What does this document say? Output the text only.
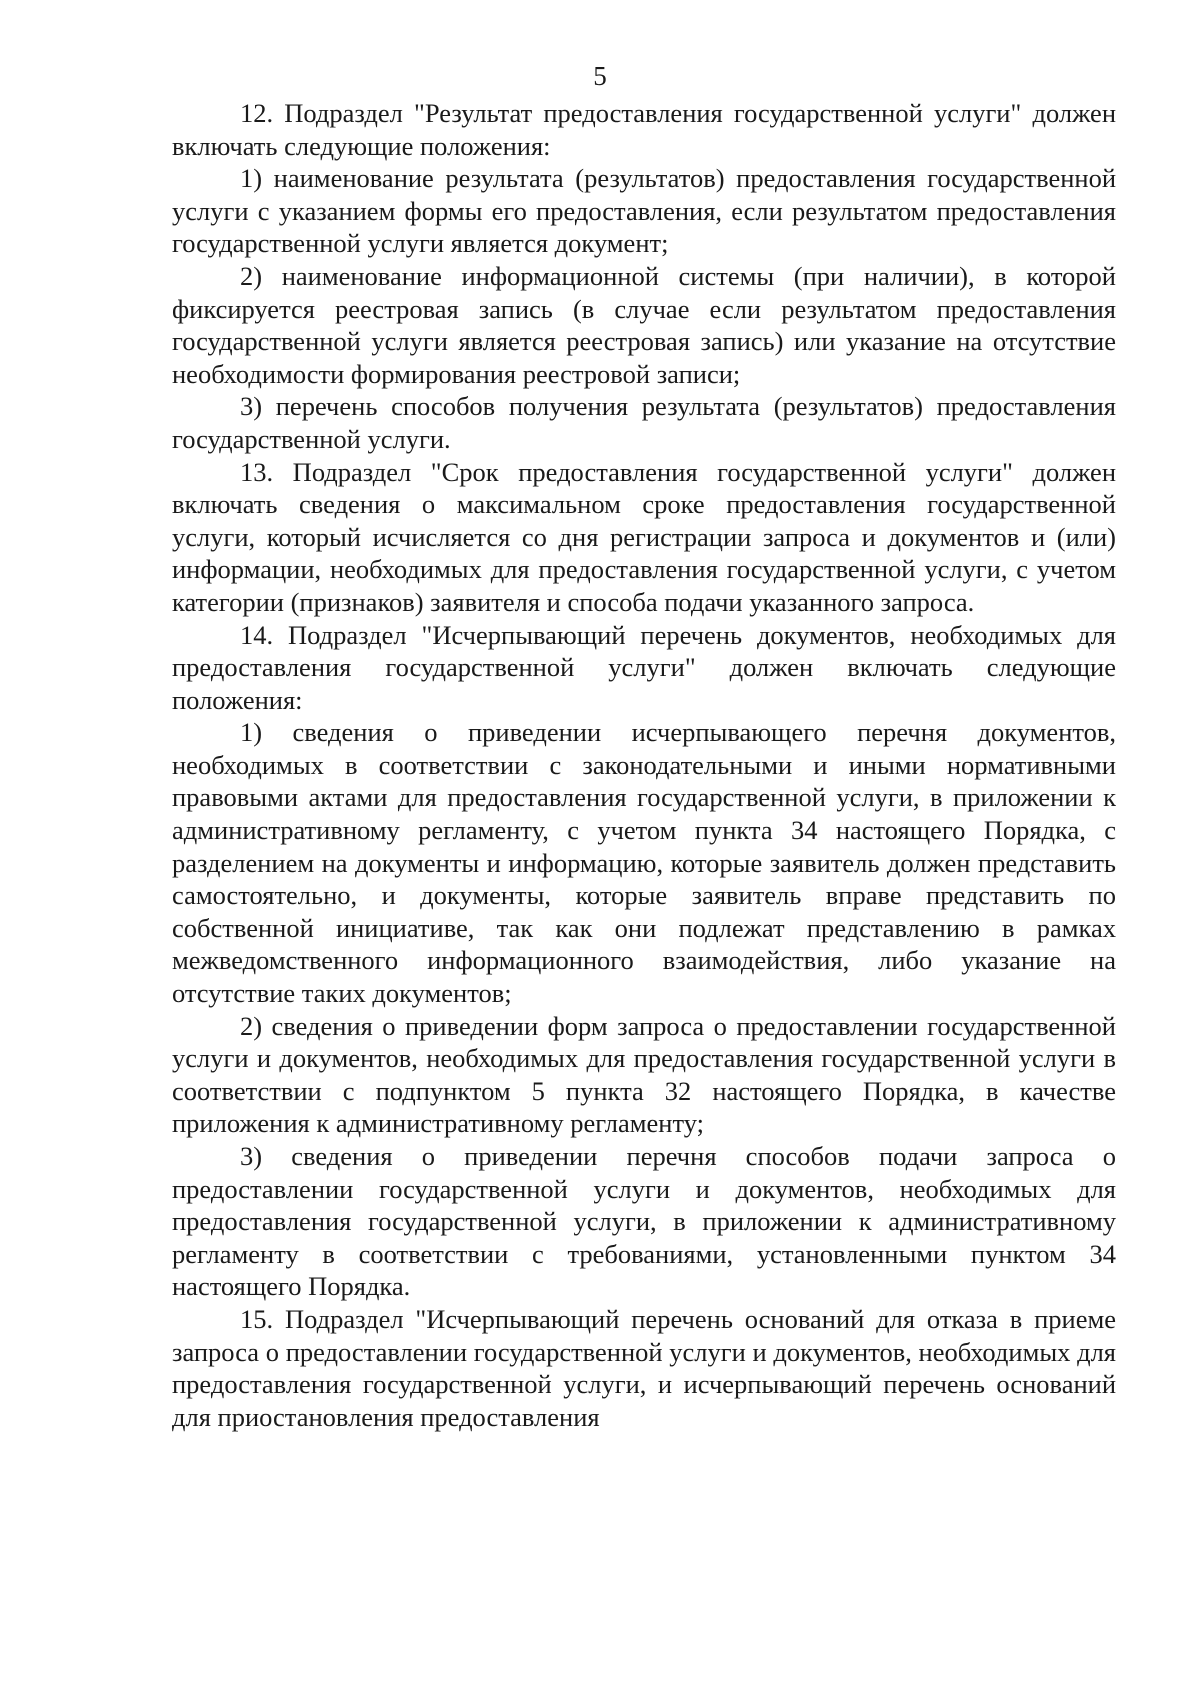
5

12. Подраздел "Результат предоставления государственной услуги" должен включать следующие положения:

1) наименование результата (результатов) предоставления государственной услуги с указанием формы его предоставления, если результатом предоставления государственной услуги является документ;

2) наименование информационной системы (при наличии), в которой фиксируется реестровая запись (в случае если результатом предоставления государственной услуги является реестровая запись) или указание на отсутствие необходимости формирования реестровой записи;

3) перечень способов получения результата (результатов) предоставления государственной услуги.

13. Подраздел "Срок предоставления государственной услуги" должен включать сведения о максимальном сроке предоставления государственной услуги, который исчисляется со дня регистрации запроса и документов и (или) информации, необходимых для предоставления государственной услуги, с учетом категории (признаков) заявителя и способа подачи указанного запроса.

14. Подраздел "Исчерпывающий перечень документов, необходимых для предоставления государственной услуги" должен включать следующие положения:

1) сведения о приведении исчерпывающего перечня документов, необходимых в соответствии с законодательными и иными нормативными правовыми актами для предоставления государственной услуги, в приложении к административному регламенту, с учетом пункта 34 настоящего Порядка, с разделением на документы и информацию, которые заявитель должен представить самостоятельно, и документы, которые заявитель вправе представить по собственной инициативе, так как они подлежат представлению в рамках межведомственного информационного взаимодействия, либо указание на отсутствие таких документов;

2) сведения о приведении форм запроса о предоставлении государственной услуги и документов, необходимых для предоставления государственной услуги в соответствии с подпунктом 5 пункта 32 настоящего Порядка, в качестве приложения к административному регламенту;

3) сведения о приведении перечня способов подачи запроса о предоставлении государственной услуги и документов, необходимых для предоставления государственной услуги, в приложении к административному регламенту в соответствии с требованиями, установленными пунктом 34 настоящего Порядка.

15. Подраздел "Исчерпывающий перечень оснований для отказа в приеме запроса о предоставлении государственной услуги и документов, необходимых для предоставления государственной услуги, и исчерпывающий перечень оснований для приостановления предоставления
